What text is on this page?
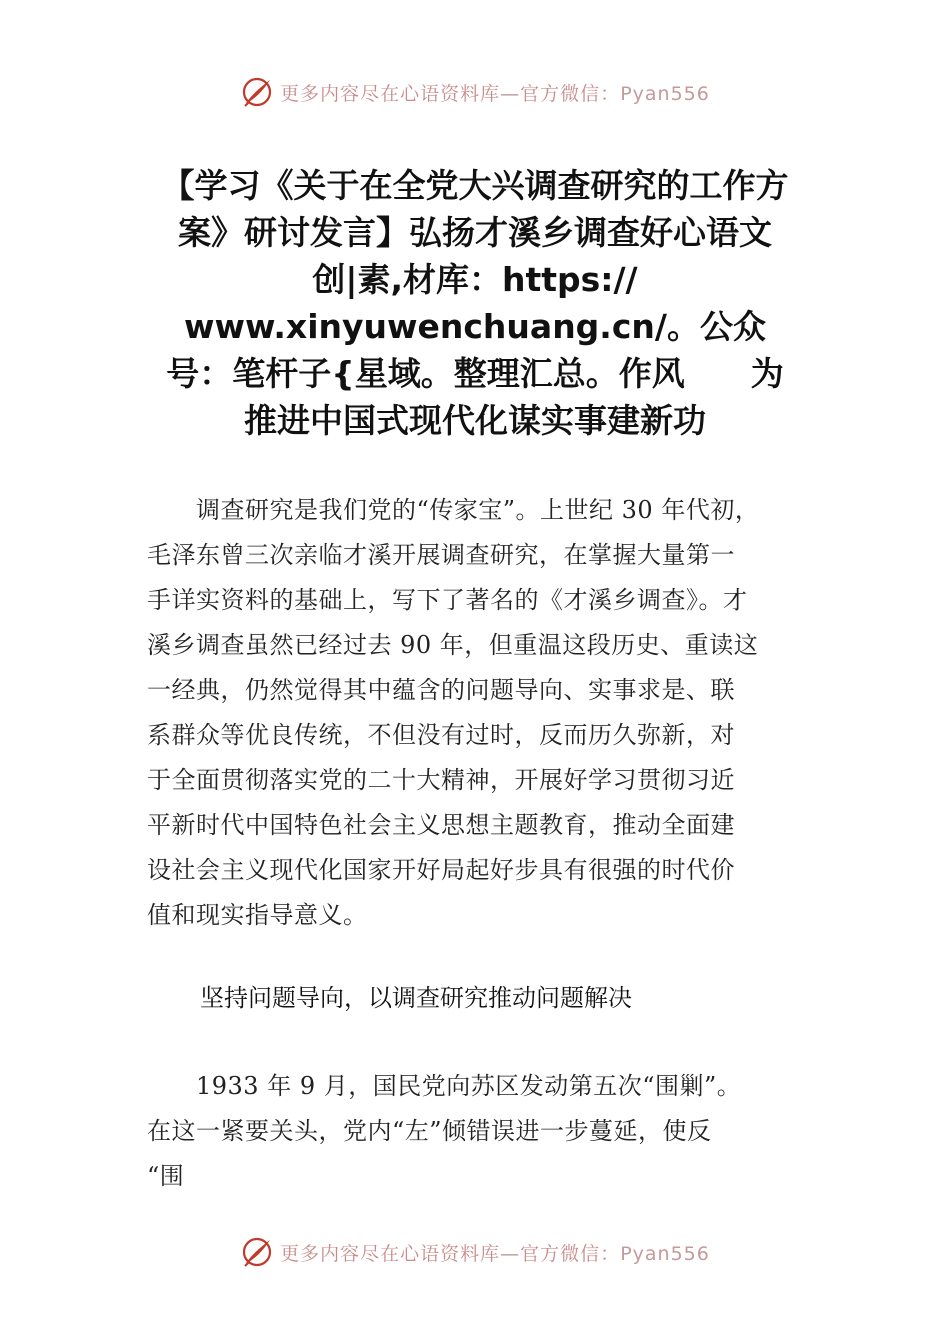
更多内容尽在心语资料库—官方微信：Pyan556
【学习《关于在全党大兴调查研究的工作方
案》研讨发言】弘扬才溪乡调查好心语文
创|素,材库：https://
www.xinyuwenchuang.cn/。公众
号：笔杆子{星域。整理汇总。作风　　为
推进中国式现代化谋实事建新功
　　调查研究是我们党的“传家宝”。上世纪 30 年代初，
毛泽东曾三次亲临才溪开展调查研究，在掌握大量第一
手详实资料的基础上，写下了著名的《才溪乡调查》。才
溪乡调查虽然已经过去 90 年，但重温这段历史、重读这
一经典，仍然觉得其中蕴含的问题导向、实事求是、联
系群众等优良传统，不但没有过时，反而历久弥新，对
于全面贯彻落实党的二十大精神，开展好学习贯彻习近
平新时代中国特色社会主义思想主题教育，推动全面建
设社会主义现代化国家开好局起好步具有很强的时代价
值和现实指导意义。
坚持问题导向，以调查研究推动问题解决
　　1933 年 9 月，国民党向苏区发动第五次“围剿”。
在这一紧要关头，党内“左”倾错误进一步蔓延，使反
“围
更多内容尽在心语资料库—官方微信：Pyan556
